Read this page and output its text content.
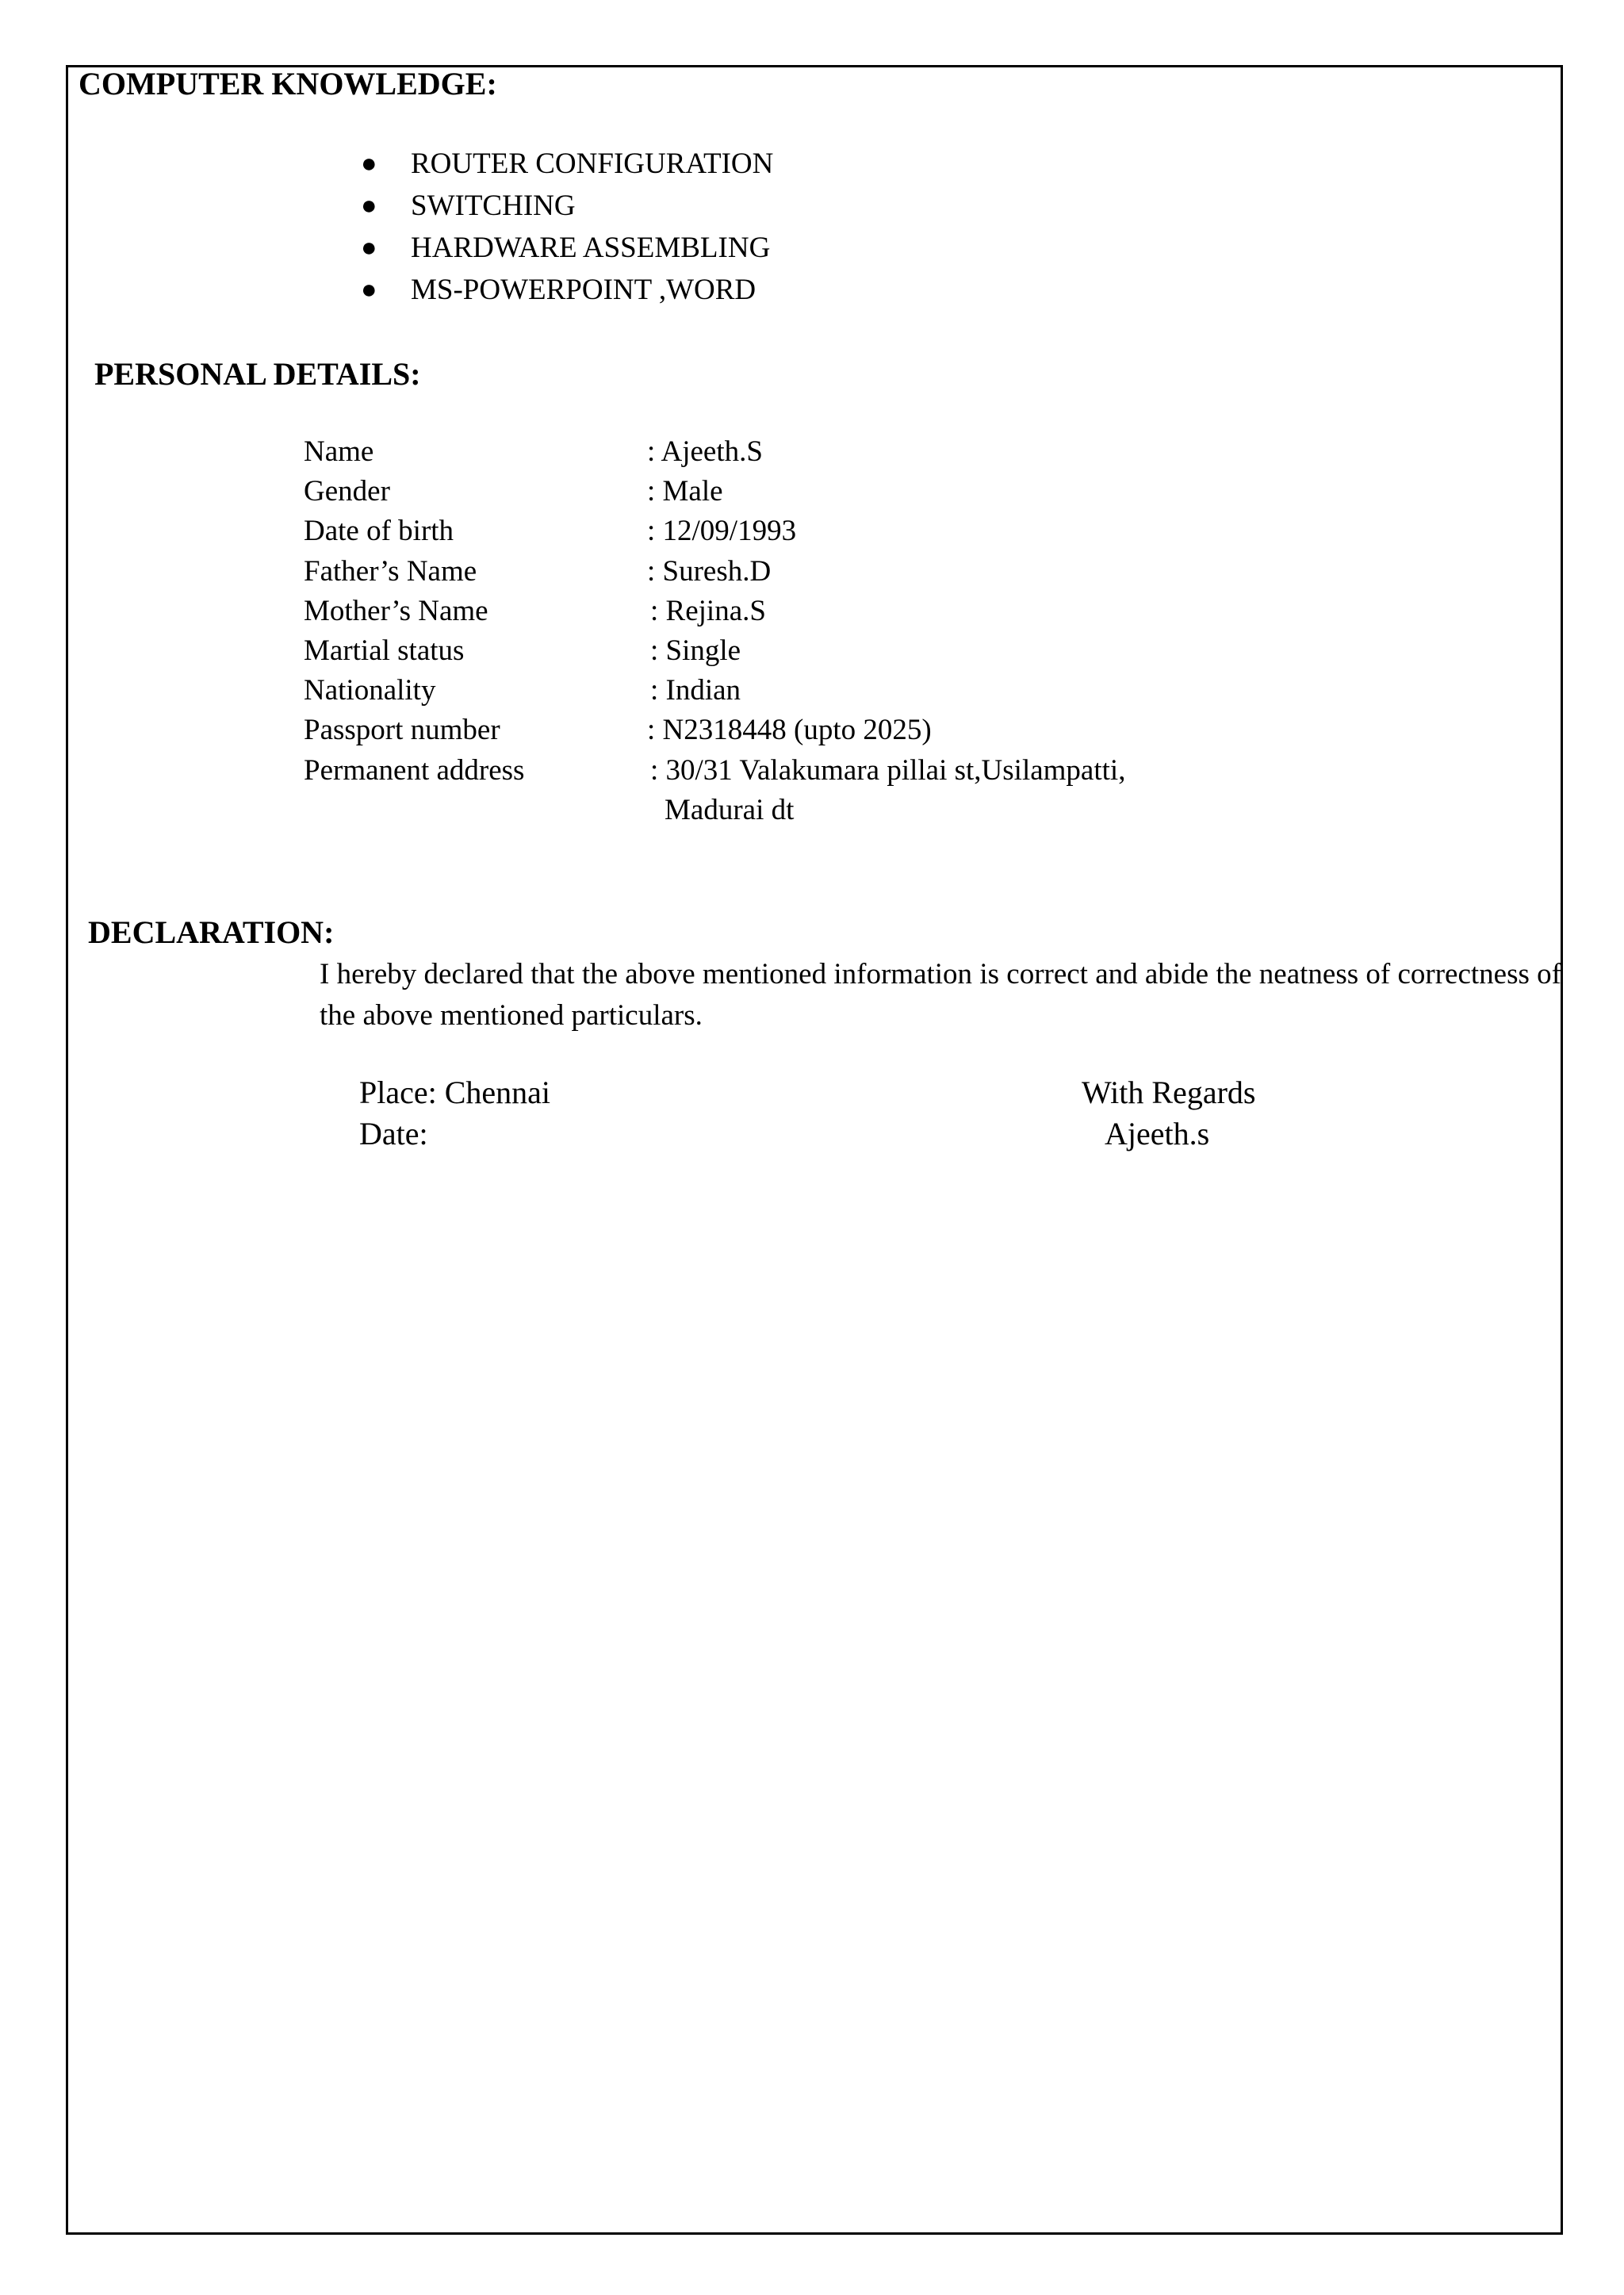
COMPUTER KNOWLEDGE:
● ROUTER CONFIGURATION
● SWITCHING
● HARDWARE ASSEMBLING
● MS-POWERPOINT ,WORD
PERSONAL DETAILS:
Name	: Ajeeth.S
Gender	: Male
Date of birth	: 12/09/1993
Father’s Name	: Suresh.D
Mother’s Name	: Rejina.S
Martial status	: Single
Nationality	: Indian
Passport number	: N2318448 (upto 2025)
Permanent address	: 30/31 Valakumara pillai st,Usilampatti,
Madurai dt
DECLARATION:
I hereby declared that the above mentioned information is correct and abide the neatness of correctness of the above mentioned particulars.
Place: Chennai
Date:
With Regards
Ajeeth.s
